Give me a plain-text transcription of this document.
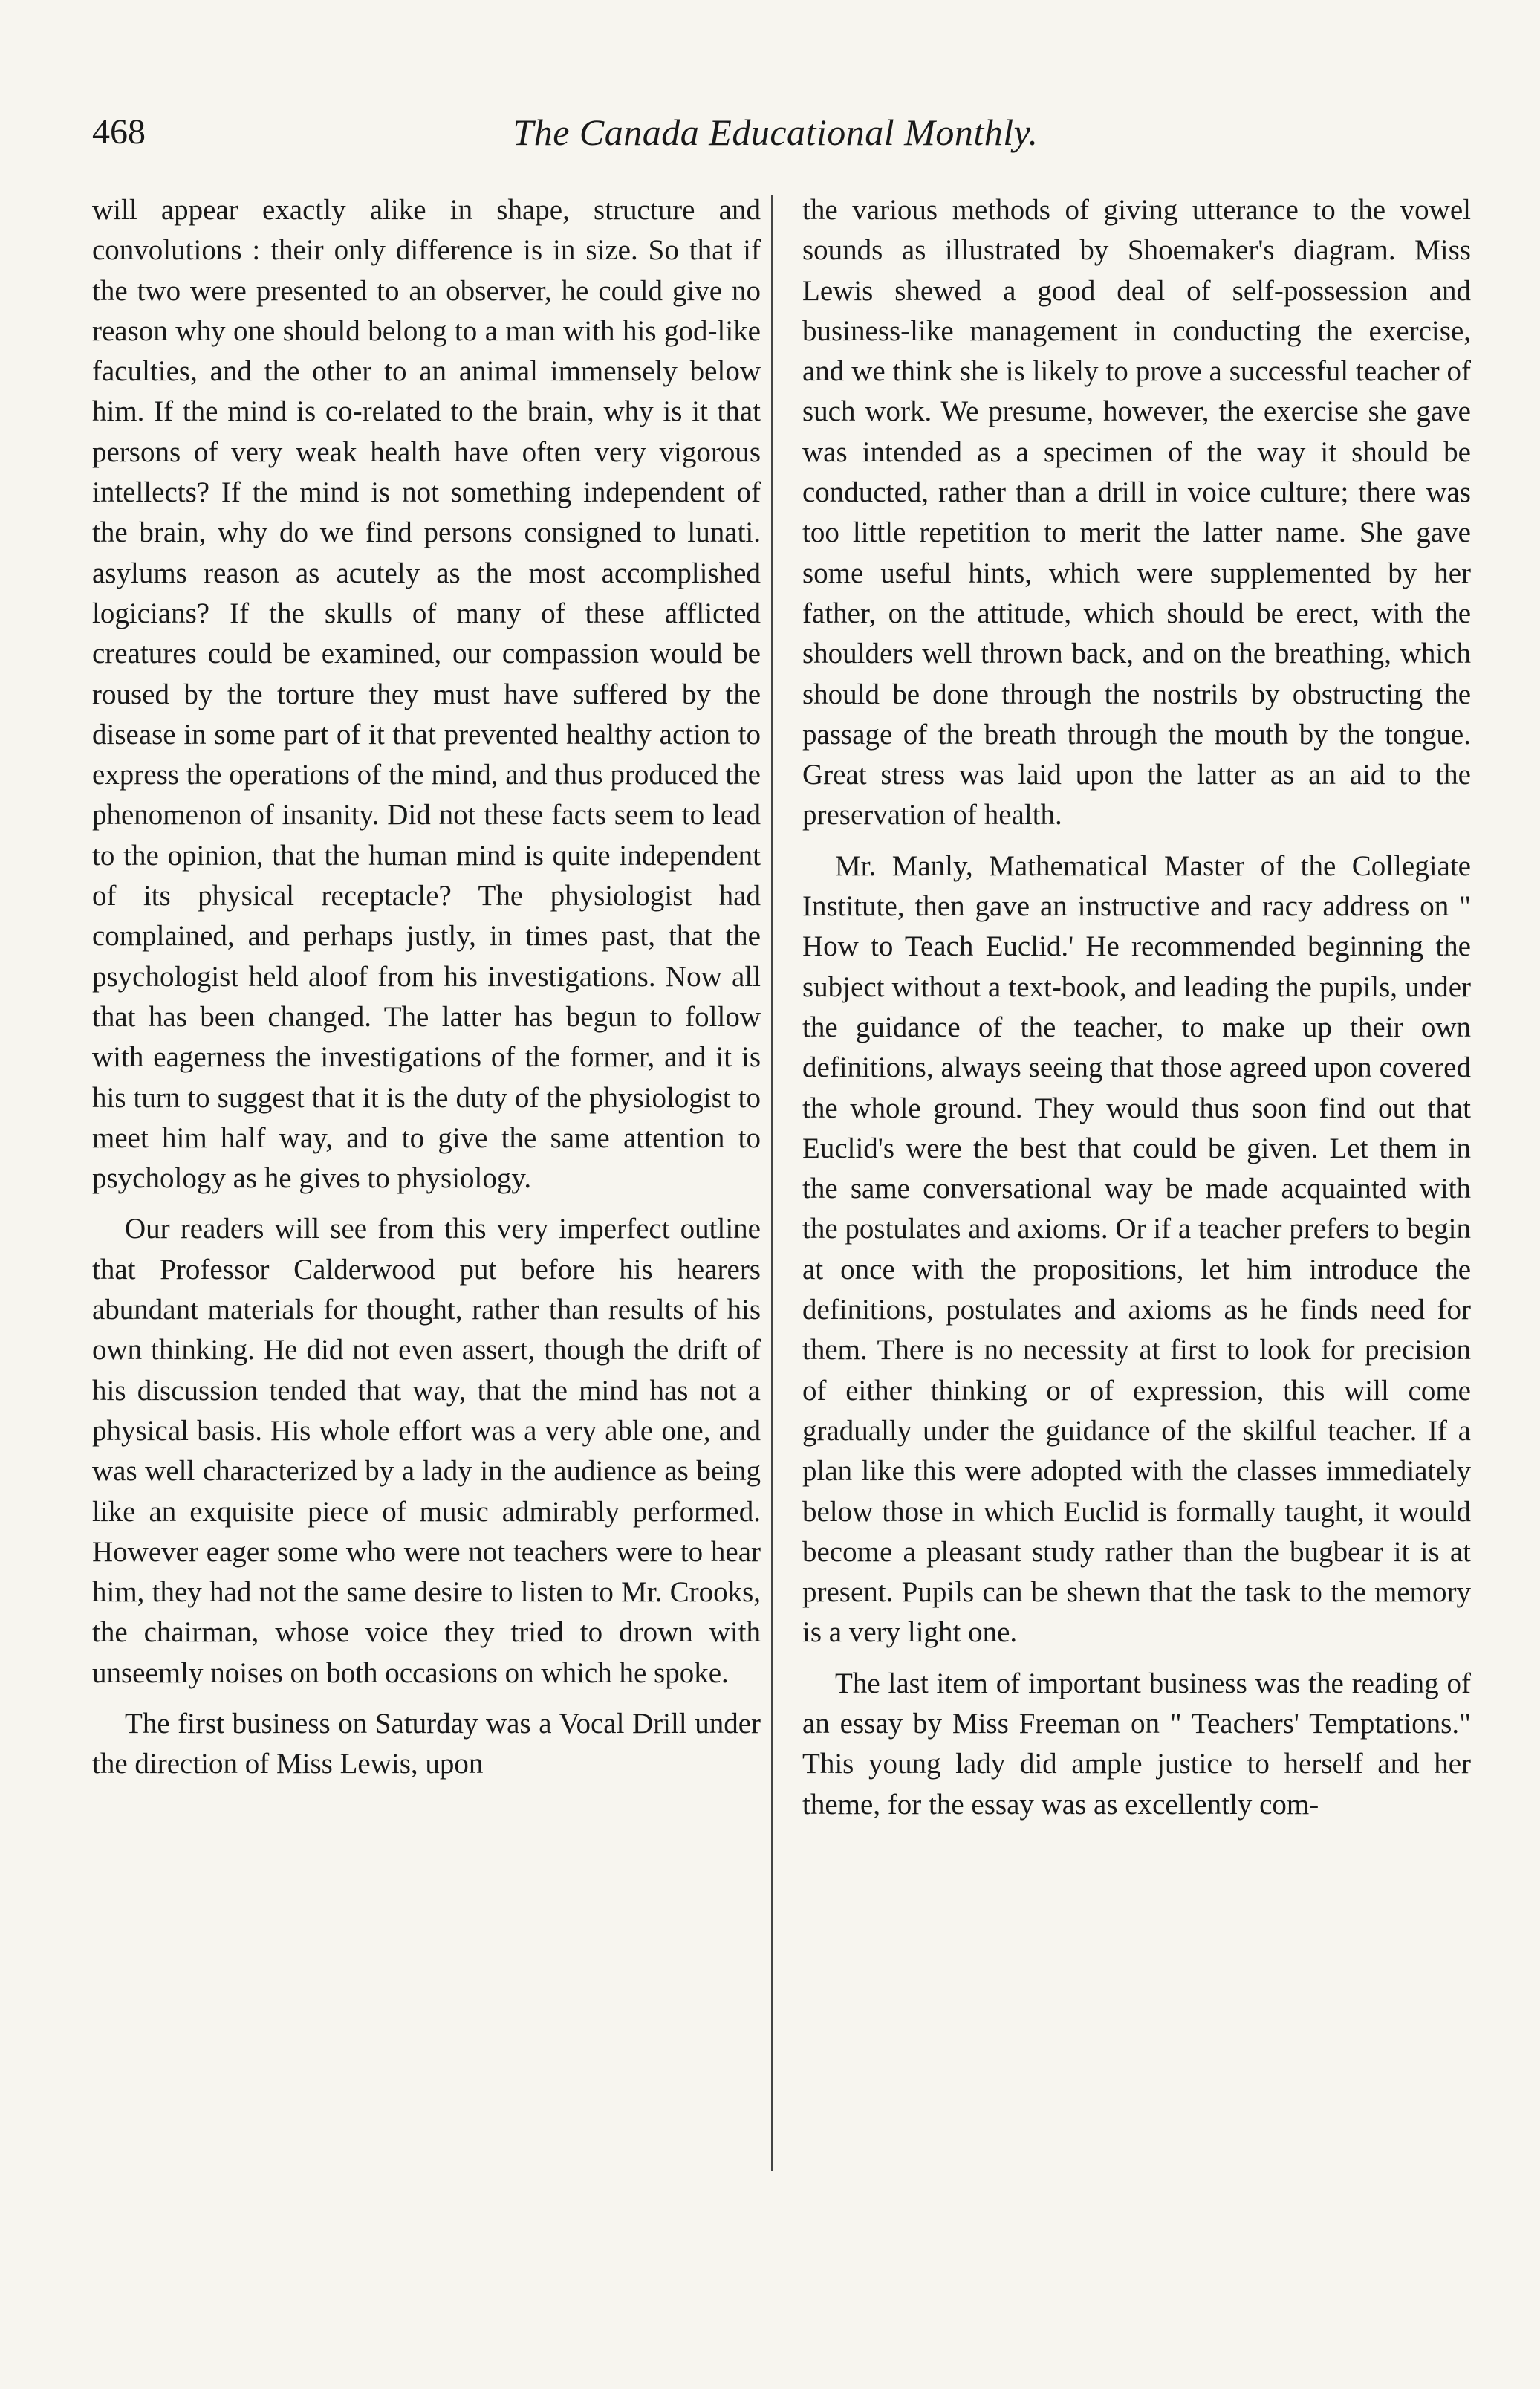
468	The Canada Educational Monthly.

will appear exactly alike in shape, structure and convolutions : their only difference is in size. So that if the two were presented to an observer, he could give no reason why one should belong to a man with his god-like faculties, and the other to an animal immensely below him. If the mind is co-related to the brain, why is it that persons of very weak health have often very vigorous intellects? If the mind is not something independent of the brain, why do we find persons consigned to lunati. asylums reason as acutely as the most accomplished logicians? If the skulls of many of these afflicted creatures could be examined, our compassion would be roused by the torture they must have suffered by the disease in some part of it that prevented healthy action to express the operations of the mind, and thus produced the phenomenon of insanity. Did not these facts seem to lead to the opinion, that the human mind is quite independent of its physical receptacle? The physiologist had complained, and perhaps justly, in times past, that the psychologist held aloof from his investigations. Now all that has been changed. The latter has begun to follow with eagerness the investigations of the former, and it is his turn to suggest that it is the duty of the physiologist to meet him half way, and to give the same attention to psychology as he gives to physiology.

Our readers will see from this very imperfect outline that Professor Calderwood put before his hearers abundant materials for thought, rather than results of his own thinking. He did not even assert, though the drift of his discussion tended that way, that the mind has not a physical basis. His whole effort was a very able one, and was well characterized by a lady in the audience as being like an exquisite piece of music admirably performed. However eager some who were not teachers were to hear him, they had not the same desire to listen to Mr. Crooks, the chairman, whose voice they tried to drown with unseemly noises on both occasions on which he spoke.

The first business on Saturday was a Vocal Drill under the direction of Miss Lewis, upon

the various methods of giving utterance to the vowel sounds as illustrated by Shoemaker's diagram. Miss Lewis shewed a good deal of self-possession and business-like management in conducting the exercise, and we think she is likely to prove a successful teacher of such work. We presume, however, the exercise she gave was intended as a specimen of the way it should be conducted, rather than a drill in voice culture; there was too little repetition to merit the latter name. She gave some useful hints, which were supplemented by her father, on the attitude, which should be erect, with the shoulders well thrown back, and on the breathing, which should be done through the nostrils by obstructing the passage of the breath through the mouth by the tongue. Great stress was laid upon the latter as an aid to the preservation of health.

Mr. Manly, Mathematical Master of the Collegiate Institute, then gave an instructive and racy address on " How to Teach Euclid.' He recommended beginning the subject without a text-book, and leading the pupils, under the guidance of the teacher, to make up their own definitions, always seeing that those agreed upon covered the whole ground. They would thus soon find out that Euclid's were the best that could be given. Let them in the same conversational way be made acquainted with the postulates and axioms. Or if a teacher prefers to begin at once with the propositions, let him introduce the definitions, postulates and axioms as he finds need for them. There is no necessity at first to look for precision of either thinking or of expression, this will come gradually under the guidance of the skilful teacher. If a plan like this were adopted with the classes immediately below those in which Euclid is formally taught, it would become a pleasant study rather than the bugbear it is at present. Pupils can be shewn that the task to the memory is a very light one.

The last item of important business was the reading of an essay by Miss Freeman on " Teachers' Temptations." This young lady did ample justice to herself and her theme, for the essay was as excellently com-
